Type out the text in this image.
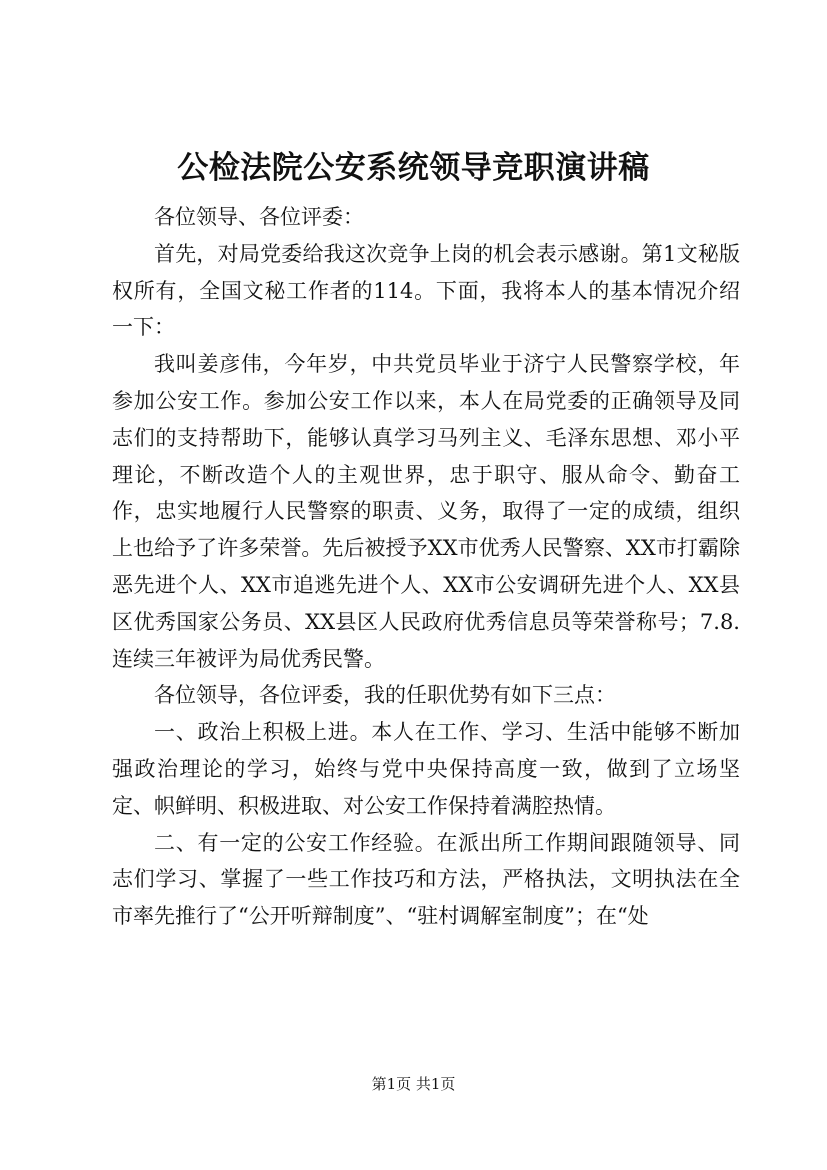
公检法院公安系统领导竞职演讲稿

各位领导、各位评委：

首先，对局党委给我这次竞争上岗的机会表示感谢。第1文秘版权所有，全国文秘工作者的114。下面，我将本人的基本情况介绍一下：

我叫姜彦伟，今年岁，中共党员毕业于济宁人民警察学校，年参加公安工作。参加公安工作以来，本人在局党委的正确领导及同志们的支持帮助下，能够认真学习马列主义、毛泽东思想、邓小平理论，不断改造个人的主观世界，忠于职守、服从命令、勤奋工作，忠实地履行人民警察的职责、义务，取得了一定的成绩，组织上也给予了许多荣誉。先后被授予XX市优秀人民警察、XX市打霸除恶先进个人、XX市追逃先进个人、XX市公安调研先进个人、XX县区优秀国家公务员、XX县区人民政府优秀信息员等荣誉称号；7.8.连续三年被评为局优秀民警。

各位领导，各位评委，我的任职优势有如下三点：

一、政治上积极上进。本人在工作、学习、生活中能够不断加强政治理论的学习，始终与党中央保持高度一致，做到了立场坚定、帜鲜明、积极进取、对公安工作保持着满腔热情。

二、有一定的公安工作经验。在派出所工作期间跟随领导、同志们学习、掌握了一些工作技巧和方法，严格执法，文明执法在全市率先推行了“公开听辩制度”、“驻村调解室制度”；在“处

第1页 共1页
